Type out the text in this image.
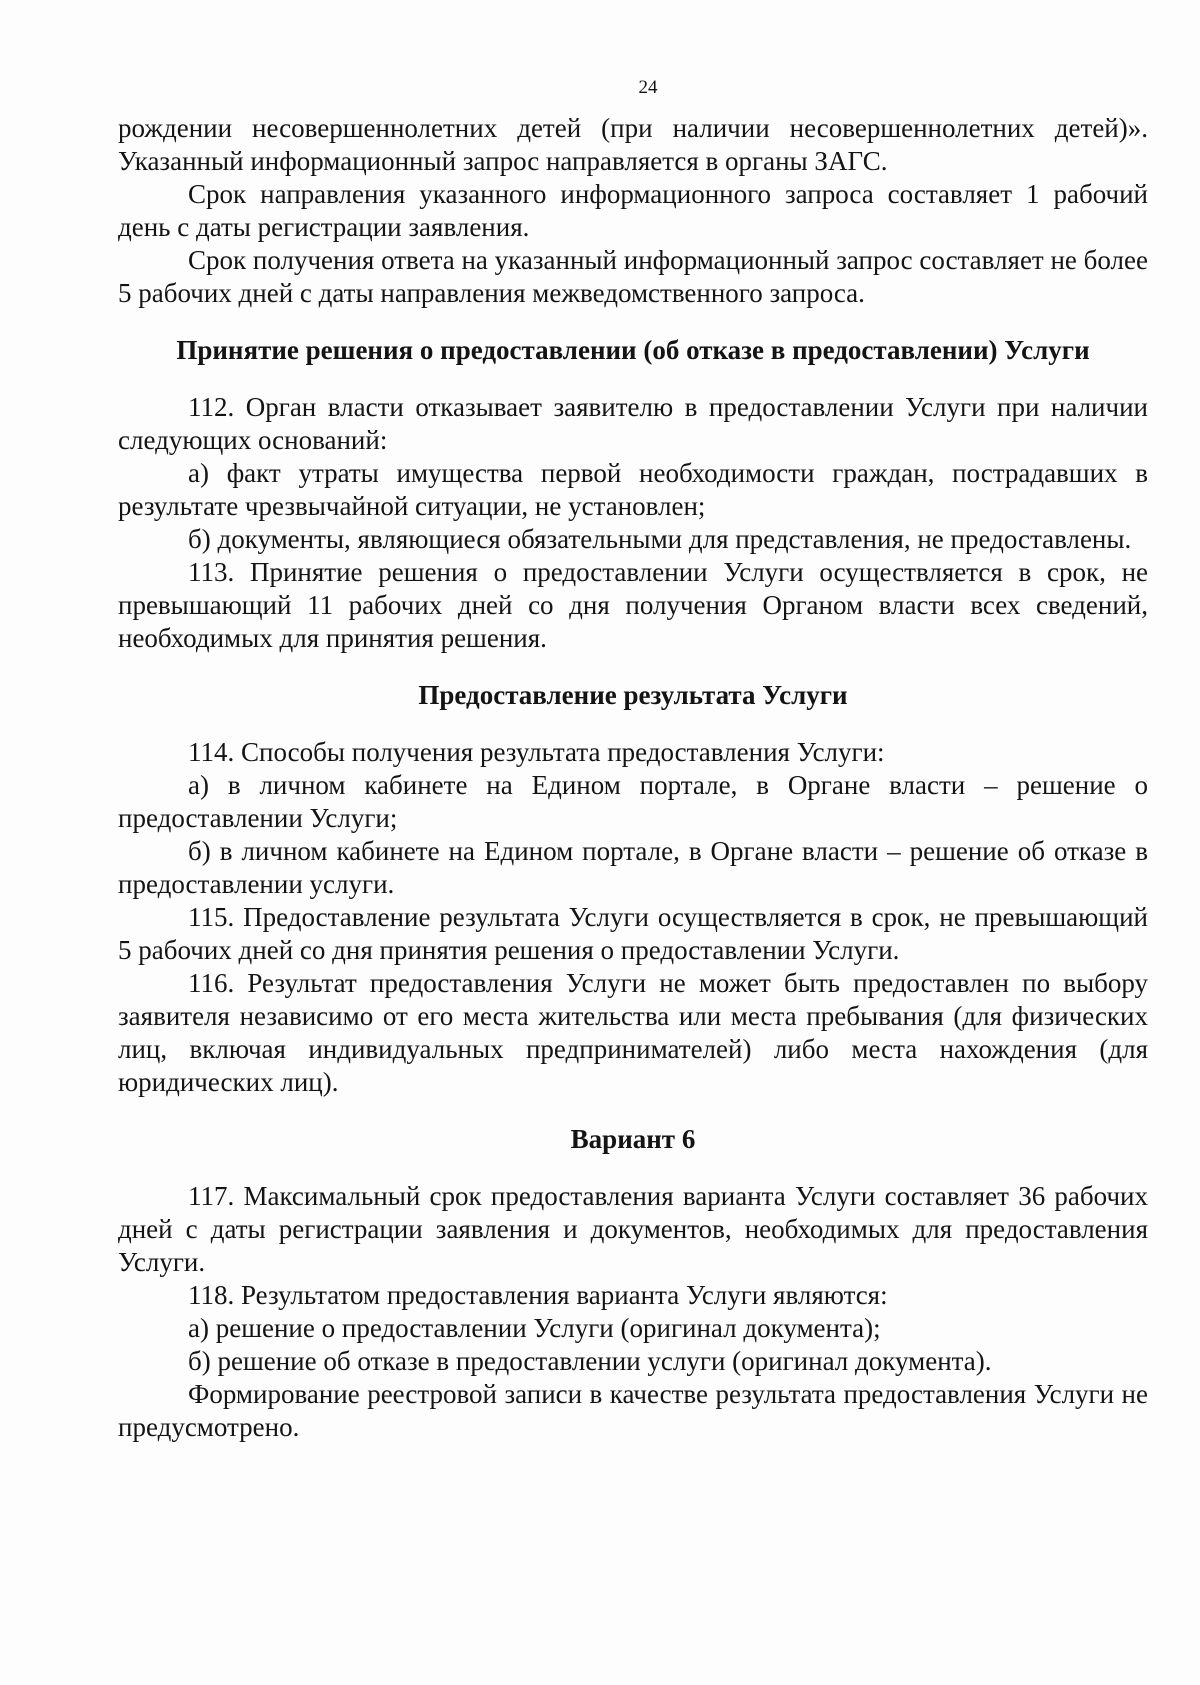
24

рождении несовершеннолетних детей (при наличии несовершеннолетних детей)». Указанный информационный запрос направляется в органы ЗАГС.

Срок направления указанного информационного запроса составляет 1 рабочий день с даты регистрации заявления.

Срок получения ответа на указанный информационный запрос составляет не более 5 рабочих дней с даты направления межведомственного запроса.

Принятие решения о предоставлении (об отказе в предоставлении) Услуги

112. Орган власти отказывает заявителю в предоставлении Услуги при наличии следующих оснований:

а) факт утраты имущества первой необходимости граждан, пострадавших в результате чрезвычайной ситуации, не установлен;

б) документы, являющиеся обязательными для представления, не предоставлены.

113. Принятие решения о предоставлении Услуги осуществляется в срок, не превышающий 11 рабочих дней со дня получения Органом власти всех сведений, необходимых для принятия решения.

Предоставление результата Услуги

114. Способы получения результата предоставления Услуги:

а) в личном кабинете на Едином портале, в Органе власти – решение о предоставлении Услуги;

б) в личном кабинете на Едином портале, в Органе власти – решение об отказе в предоставлении услуги.

115. Предоставление результата Услуги осуществляется в срок, не превышающий 5 рабочих дней со дня принятия решения о предоставлении Услуги.

116. Результат предоставления Услуги не может быть предоставлен по выбору заявителя независимо от его места жительства или места пребывания (для физических лиц, включая индивидуальных предпринимателей) либо места нахождения (для юридических лиц).

Вариант 6

117. Максимальный срок предоставления варианта Услуги составляет 36 рабочих дней с даты регистрации заявления и документов, необходимых для предоставления Услуги.

118. Результатом предоставления варианта Услуги являются:

а) решение о предоставлении Услуги (оригинал документа);

б) решение об отказе в предоставлении услуги (оригинал документа).

Формирование реестровой записи в качестве результата предоставления Услуги не предусмотрено.
